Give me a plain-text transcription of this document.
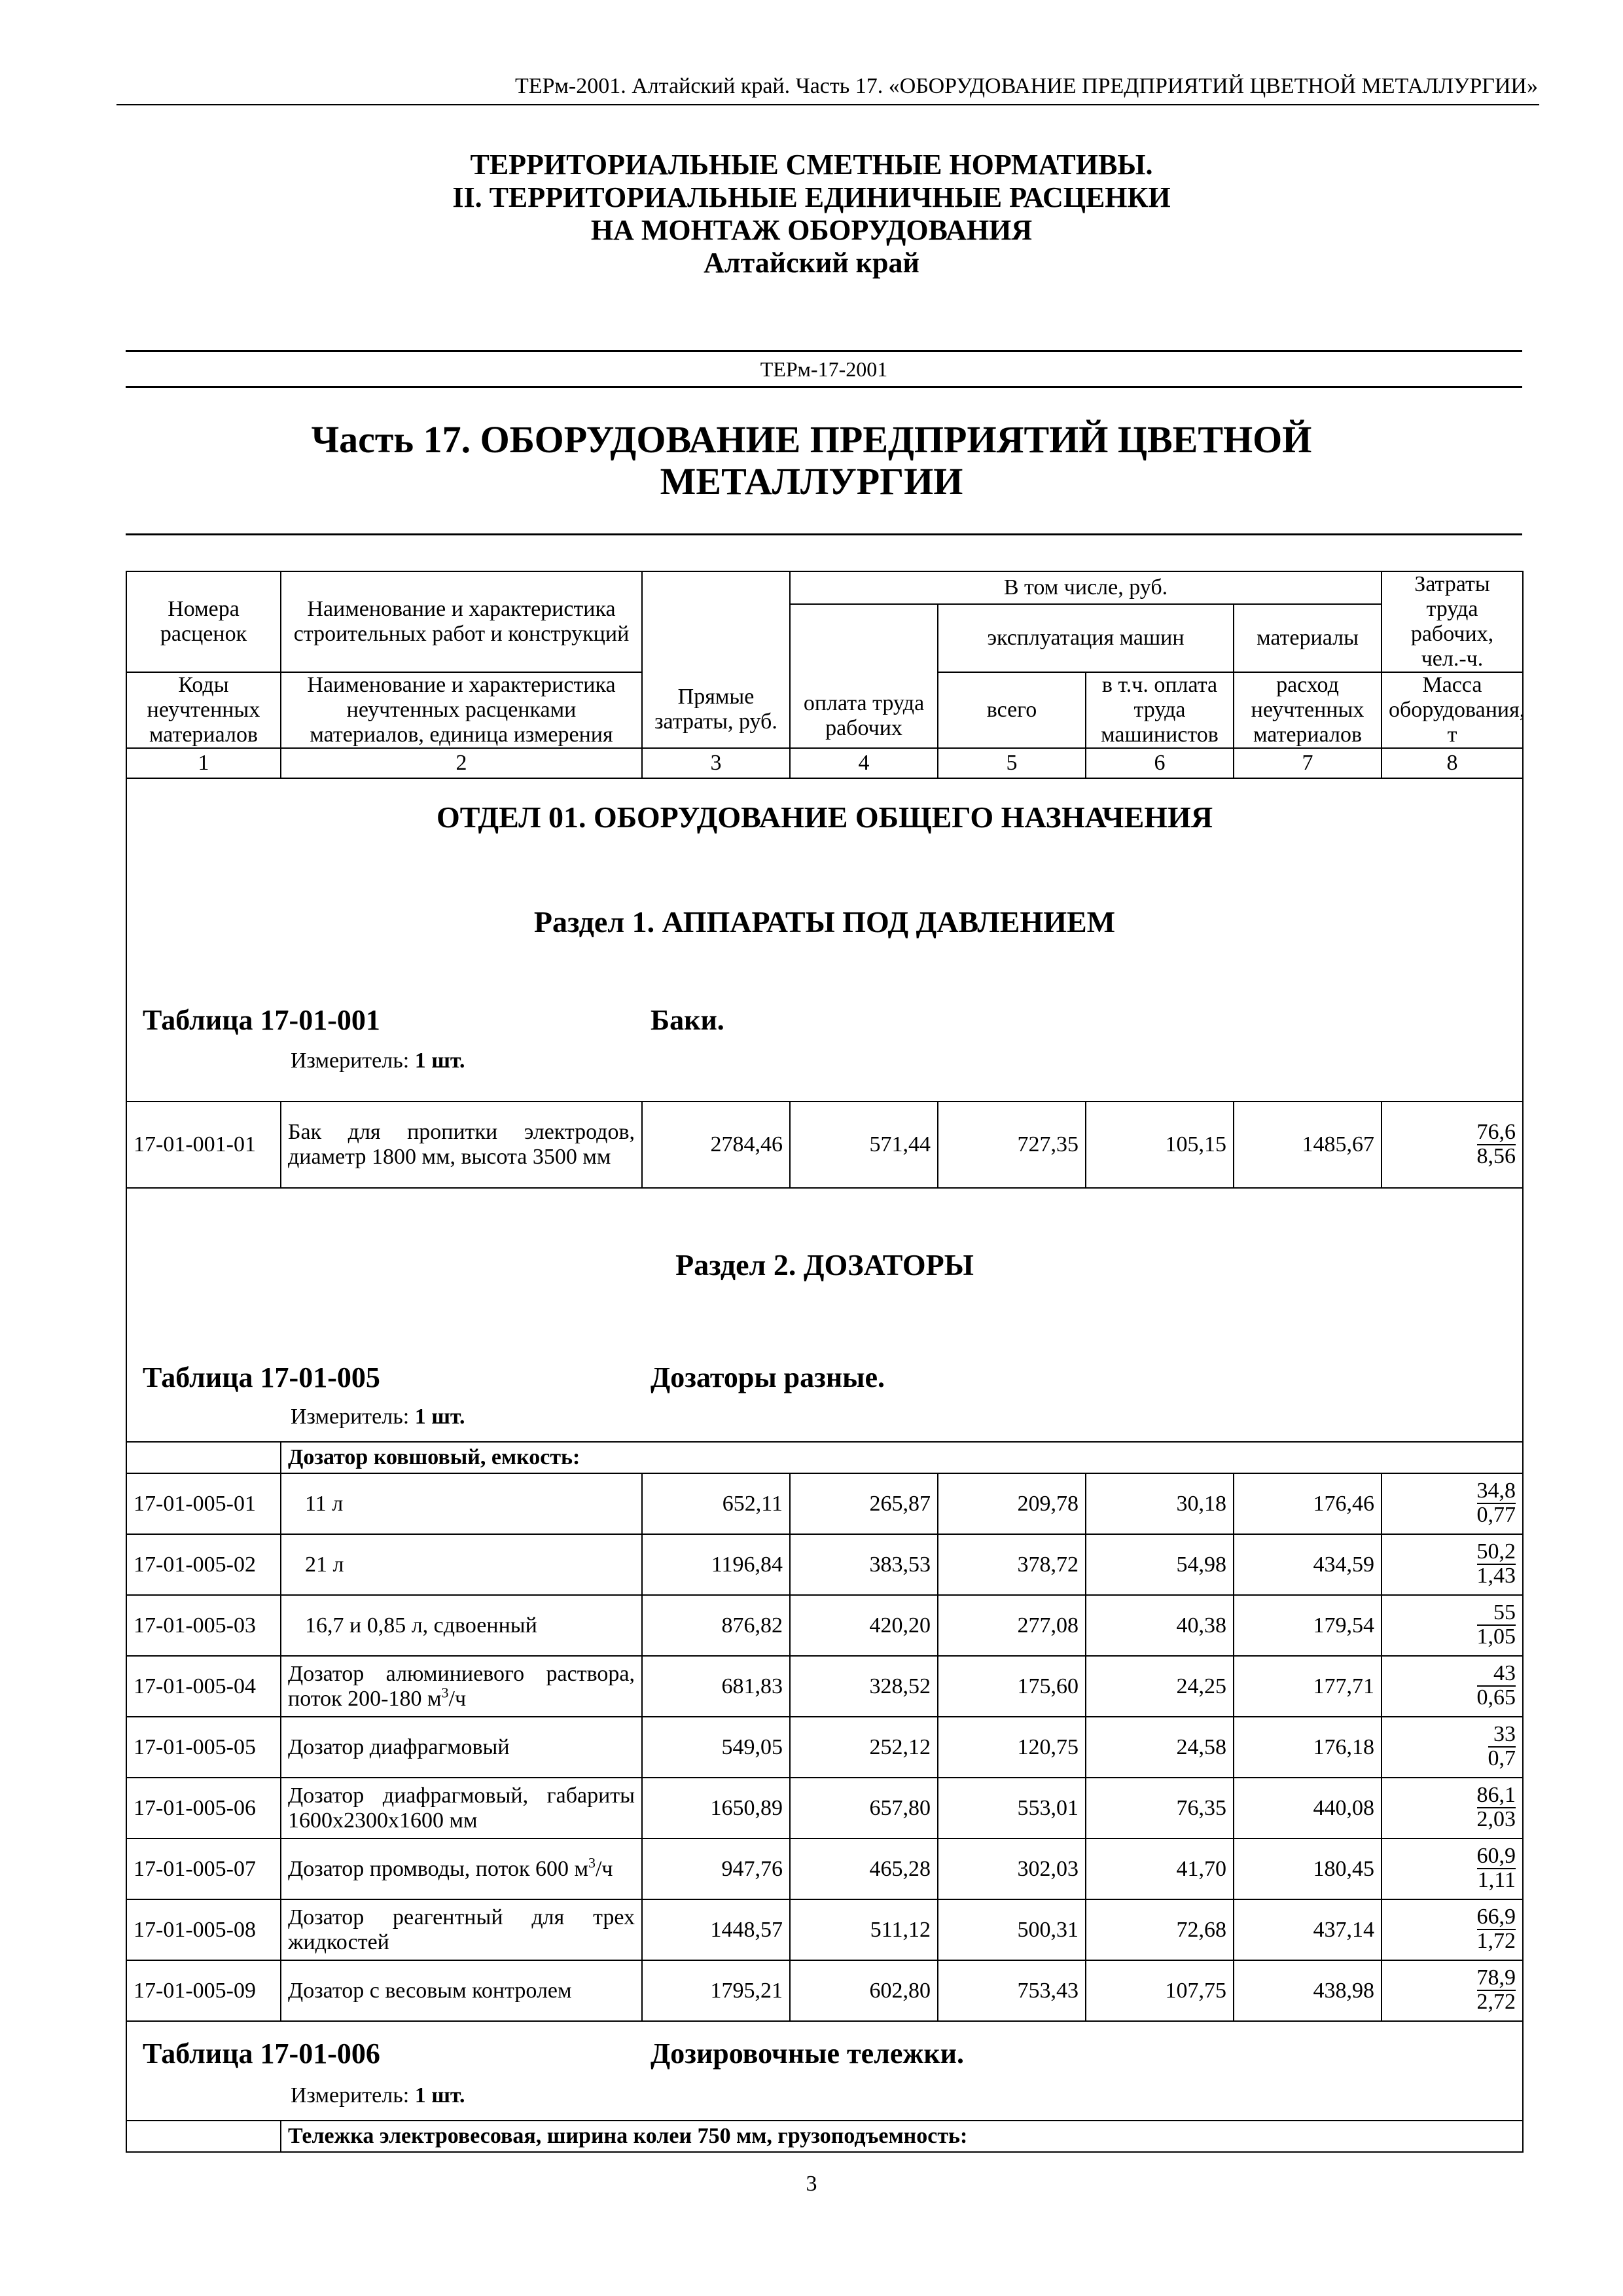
ТЕРм-2001. Алтайский край. Часть 17. «ОБОРУДОВАНИЕ ПРЕДПРИЯТИЙ ЦВЕТНОЙ МЕТАЛЛУРГИИ»
ТЕРРИТОРИАЛЬНЫЕ СМЕТНЫЕ НОРМАТИВЫ.
II. ТЕРРИТОРИАЛЬНЫЕ ЕДИНИЧНЫЕ РАСЦЕНКИ
НА МОНТАЖ ОБОРУДОВАНИЯ
Алтайский край
ТЕРм-17-2001
Часть 17. ОБОРУДОВАНИЕ ПРЕДПРИЯТИЙ ЦВЕТНОЙ
МЕТАЛЛУРГИИ
Номера расценок	Наименование и характеристика строительных работ и конструкций	Прямые затраты, руб.	В том числе, руб.				Затраты труда рабочих, чел.-ч.
			оплата труда рабочих	эксплуатация машин		материалы	
Коды неучтенных материалов	Наименование и характеристика неучтенных расценками материалов, единица измерения			всего	в т.ч. оплата труда машинистов	расход неучтенных материалов	Масса оборудования, т
1	2	3	4	5	6	7	8

ОТДЕЛ 01. ОБОРУДОВАНИЕ ОБЩЕГО НАЗНАЧЕНИЯ
Раздел 1. АППАРАТЫ ПОД ДАВЛЕНИЕМ
Таблица 17-01-001 Баки.
Измеритель: 1 шт.							

17-01-001-01	Бак для пропитки электродов, диаметр 1800 мм, высота 3500 мм	2784,46	571,44	727,35	105,15	1485,67	$\frac{76,6}{8,56}$

Раздел 2. ДОЗАТОРЫ
Таблица 17-01-005 Дозаторы разные.
Измеритель: 1 шт.							

	Дозатор ковшовый, емкость:						
17-01-005-01	11 л	652,11	265,87	209,78	30,18	176,46	$\frac{34,8}{0,77}$

17-01-005-02	21 л	1196,84	383,53	378,72	54,98	434,59	$\frac{50,2}{1,43}$

17-01-005-03	16,7 и 0,85 л, сдвоенный	876,82	420,20	277,08	40,38	179,54	$\frac{55}{1,05}$

17-01-005-04	Дозатор алюминиевого раствора, поток 200-180 $м^3/ч$	681,83	328,52	175,60	24,25	177,71	$\frac{43}{0,65}$

17-01-005-05	Дозатор диафрагмовый	549,05	252,12	120,75	24,58	176,18	$\frac{33}{0,7}$

17-01-005-06	Дозатор диафрагмовый, габариты 1600х2300х1600 мм	1650,89	657,80	553,01	76,35	440,08	$\frac{86,1}{2,03}$

17-01-005-07	Дозатор промводы, поток 600 $м^3/ч$	947,76	465,28	302,03	41,70	180,45	$\frac{60,9}{1,11}$

17-01-005-08	Дозатор реагентный для трех жидкостей	1448,57	511,12	500,31	72,68	437,14	$\frac{66,9}{1,72}$

17-01-005-09	Дозатор с весовым контролем	1795,21	602,80	753,43	107,75	438,98	$\frac{78,9}{2,72}$

Таблица 17-01-006 Дозировочные тележки.
Измеритель: 1 шт.							

	Тележка электровесовая, ширина колеи 750 мм, грузоподъемность:						
3
